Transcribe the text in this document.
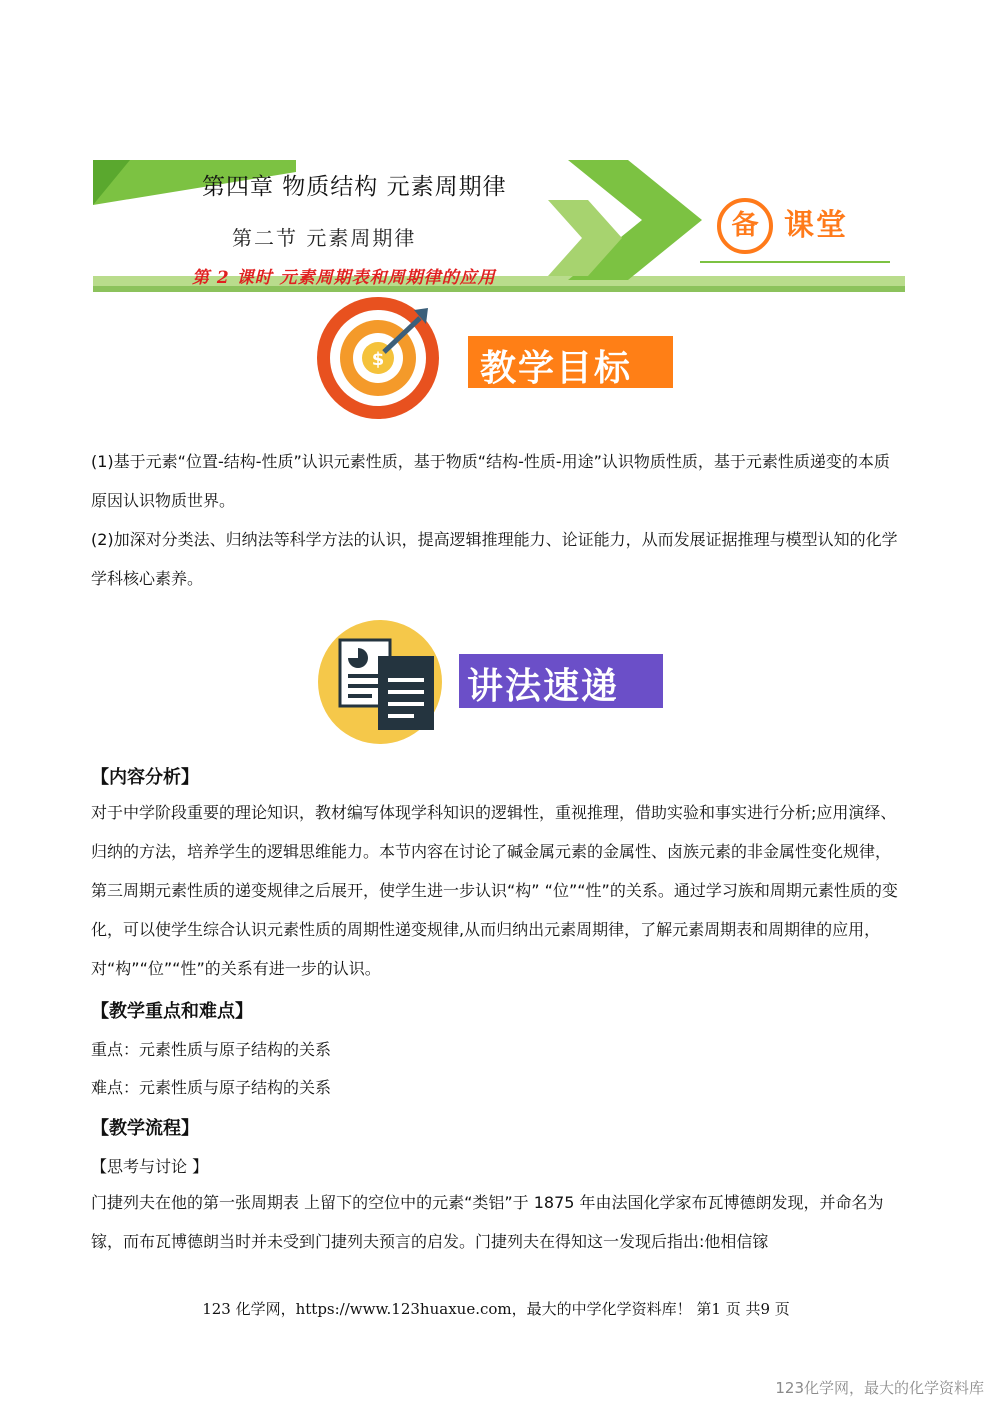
第四章 物质结构 元素周期律
第二节 元素周期律
第 2 课时 元素周期表和周期律的应用
备 课堂
$	教学目标
(1)基于元素“位置-结构-性质”认识元素性质，基于物质“结构-性质-用途”认识物质性质，基于元素性质递变的本质原因认识物质世界。
(2)加深对分类法、归纳法等科学方法的认识，提高逻辑推理能力、论证能力，从而发展证据推理与模型认知的化学学科核心素养。
讲法速递
【内容分析】
对于中学阶段重要的理论知识，教材编写体现学科知识的逻辑性，重视推理，借助实验和事实进行分析;应用演绎、归纳的方法，培养学生的逻辑思维能力。本节内容在讨论了碱金属元素的金属性、卤族元素的非金属性变化规律，第三周期元素性质的递变规律之后展开，使学生进一步认识“构” “位”“性”的关系。通过学习族和周期元素性质的变化，可以使学生综合认识元素性质的周期性递变规律,从而归纳出元素周期律，了解元素周期表和周期律的应用，对“构”“位”“性”的关系有进一步的认识。
【教学重点和难点】
重点：元素性质与原子结构的关系
难点：元素性质与原子结构的关系
【教学流程】
【思考与讨论 】
门捷列夫在他的第一张周期表 上留下的空位中的元素“类铝”于 1875 年由法国化学家布瓦博德朗发现，并命名为镓，而布瓦博德朗当时并未受到门捷列夫预言的启发。门捷列夫在得知这一发现后指出:他相信镓
123 化学网，https://www.123huaxue.com，最大的中学化学资料库！ 第1 页 共9 页
123化学网，最大的化学资料库
